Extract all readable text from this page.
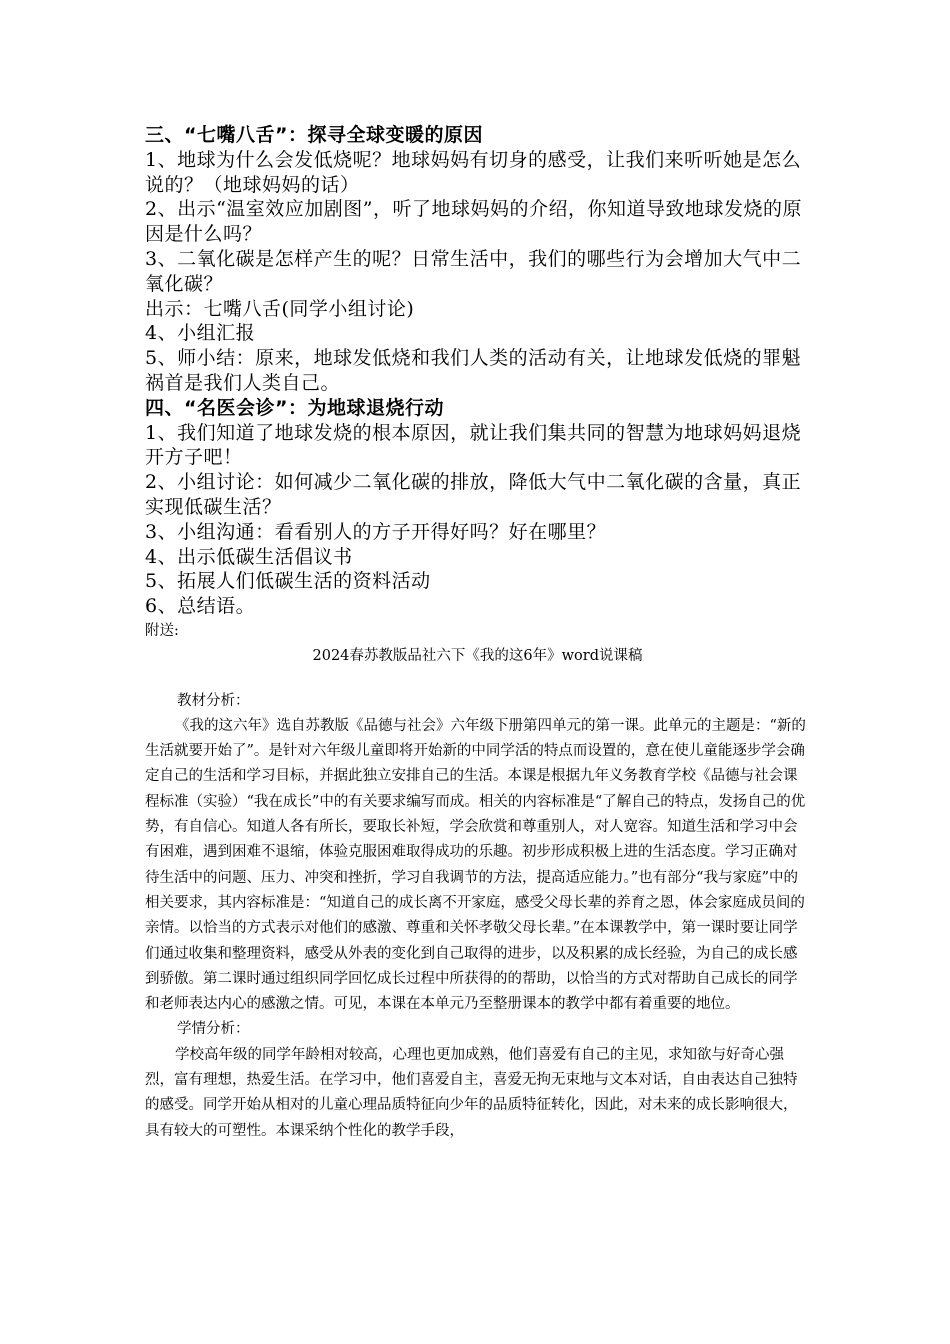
三、“七嘴八舌”：探寻全球变暖的原因

1、地球为什么会发低烧呢？地球妈妈有切身的感受，让我们来听听她是怎么说的？（地球妈妈的话）

2、出示“温室效应加剧图”，听了地球妈妈的介绍，你知道导致地球发烧的原因是什么吗？

3、二氧化碳是怎样产生的呢？日常生活中，我们的哪些行为会增加大气中二氧化碳？

出示：七嘴八舌(同学小组讨论)

4、小组汇报

5、师小结：原来，地球发低烧和我们人类的活动有关，让地球发低烧的罪魁祸首是我们人类自己。

四、“名医会诊”：为地球退烧行动

1、我们知道了地球发烧的根本原因，就让我们集共同的智慧为地球妈妈退烧开方子吧！

2、小组讨论：如何减少二氧化碳的排放，降低大气中二氧化碳的含量，真正实现低碳生活？

3、小组沟通：看看别人的方子开得好吗？好在哪里？

4、出示低碳生活倡议书

5、拓展人们低碳生活的资料活动

6、总结语。

附送:

2024春苏教版品社六下《我的这6年》word说课稿

教材分析：

《我的这六年》选自苏教版《品德与社会》六年级下册第四单元的第一课。此单元的主题是：“新的生活就要开始了”。是针对六年级儿童即将开始新的中同学活的特点而设置的，意在使儿童能逐步学会确定自己的生活和学习目标，并据此独立安排自己的生活。本课是根据九年义务教育学校《品德与社会课程标准（实验）“我在成长”中的有关要求编写而成。相关的内容标准是“了解自己的特点，发扬自己的优势，有自信心。知道人各有所长，要取长补短，学会欣赏和尊重别人，对人宽容。知道生活和学习中会有困难，遇到困难不退缩，体验克服困难取得成功的乐趣。初步形成积极上进的生活态度。学习正确对待生活中的问题、压力、冲突和挫折，学习自我调节的方法，提高适应能力。”也有部分“我与家庭”中的相关要求，其内容标准是：“知道自己的成长离不开家庭，感受父母长辈的养育之恩，体会家庭成员间的亲情。以恰当的方式表示对他们的感激、尊重和关怀孝敬父母长辈。”在本课教学中，第一课时要让同学们通过收集和整理资料，感受从外表的变化到自己取得的进步，以及积累的成长经验，为自己的成长感到骄傲。第二课时通过组织同学回忆成长过程中所获得的的帮助，以恰当的方式对帮助自己成长的同学和老师表达内心的感激之情。可见，本课在本单元乃至整册课本的教学中都有着重要的地位。

学情分析：

学校高年级的同学年龄相对较高，心理也更加成熟，他们喜爱有自己的主见，求知欲与好奇心强烈，富有理想，热爱生活。在学习中，他们喜爱自主，喜爱无拘无束地与文本对话，自由表达自己独特的感受。同学开始从相对的儿童心理品质特征向少年的品质特征转化，因此，对未来的成长影响很大，具有较大的可塑性。本课采纳个性化的教学手段，
